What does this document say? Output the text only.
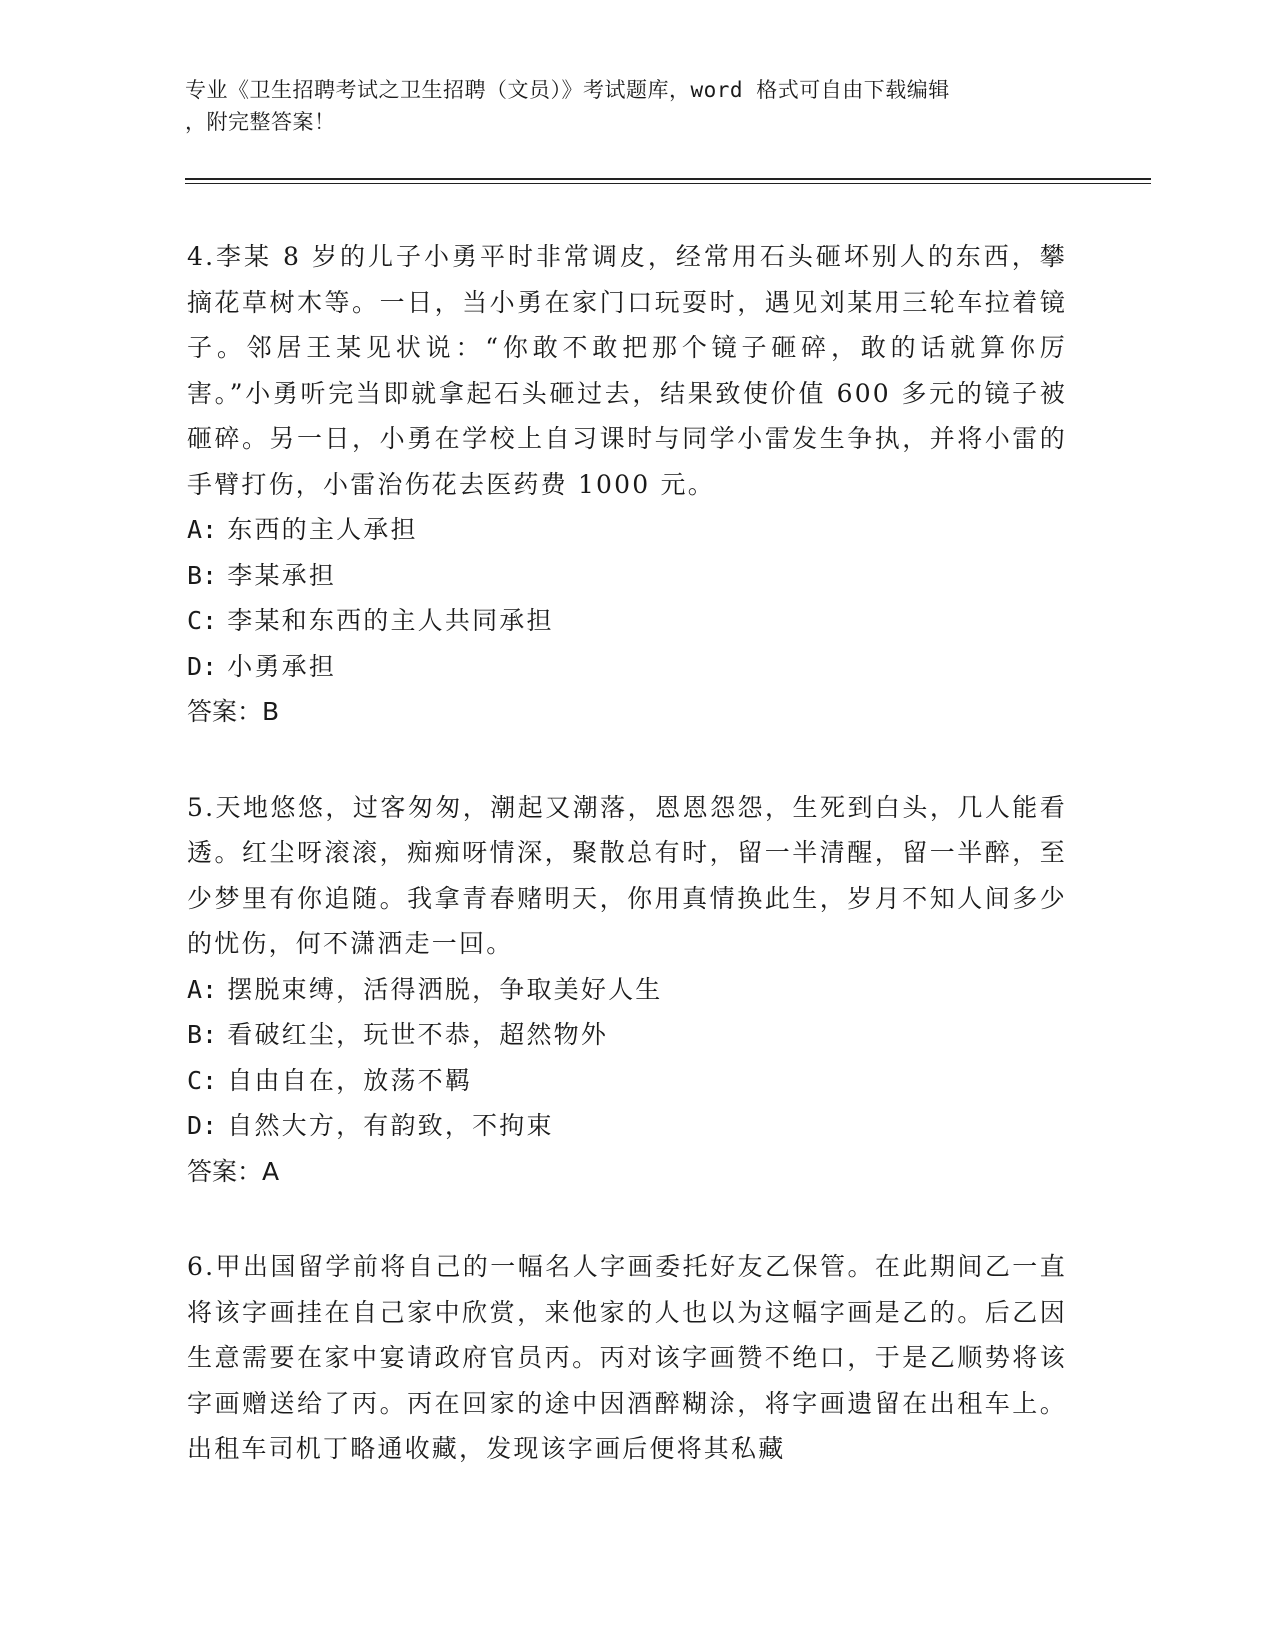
专业《卫生招聘考试之卫生招聘（文员）》考试题库，word 格式可自由下载编辑
，附完整答案！
4.李某 8 岁的儿子小勇平时非常调皮，经常用石头砸坏别人的东西，攀摘花草树木等。一日，当小勇在家门口玩耍时，遇见刘某用三轮车拉着镜子。邻居王某见状说：“你敢不敢把那个镜子砸碎，敢的话就算你厉害。”小勇听完当即就拿起石头砸过去，结果致使价值 600 多元的镜子被砸碎。另一日，小勇在学校上自习课时与同学小雷发生争执，并将小雷的手臂打伤，小雷治伤花去医药费 1000 元。
A: 东西的主人承担
B: 李某承担
C: 李某和东西的主人共同承担
D: 小勇承担
答案：B
5.天地悠悠，过客匆匆，潮起又潮落，恩恩怨怨，生死到白头，几人能看透。红尘呀滚滚，痴痴呀情深，聚散总有时，留一半清醒，留一半醉，至少梦里有你追随。我拿青春赌明天，你用真情换此生，岁月不知人间多少的忧伤，何不潇洒走一回。
A: 摆脱束缚，活得洒脱，争取美好人生
B: 看破红尘，玩世不恭，超然物外
C: 自由自在，放荡不羁
D: 自然大方，有韵致，不拘束
答案：A
6.甲出国留学前将自己的一幅名人字画委托好友乙保管。在此期间乙一直将该字画挂在自己家中欣赏，来他家的人也以为这幅字画是乙的。后乙因生意需要在家中宴请政府官员丙。丙对该字画赞不绝口，于是乙顺势将该字画赠送给了丙。丙在回家的途中因酒醉糊涂，将字画遗留在出租车上。出租车司机丁略通收藏，发现该字画后便将其私藏
